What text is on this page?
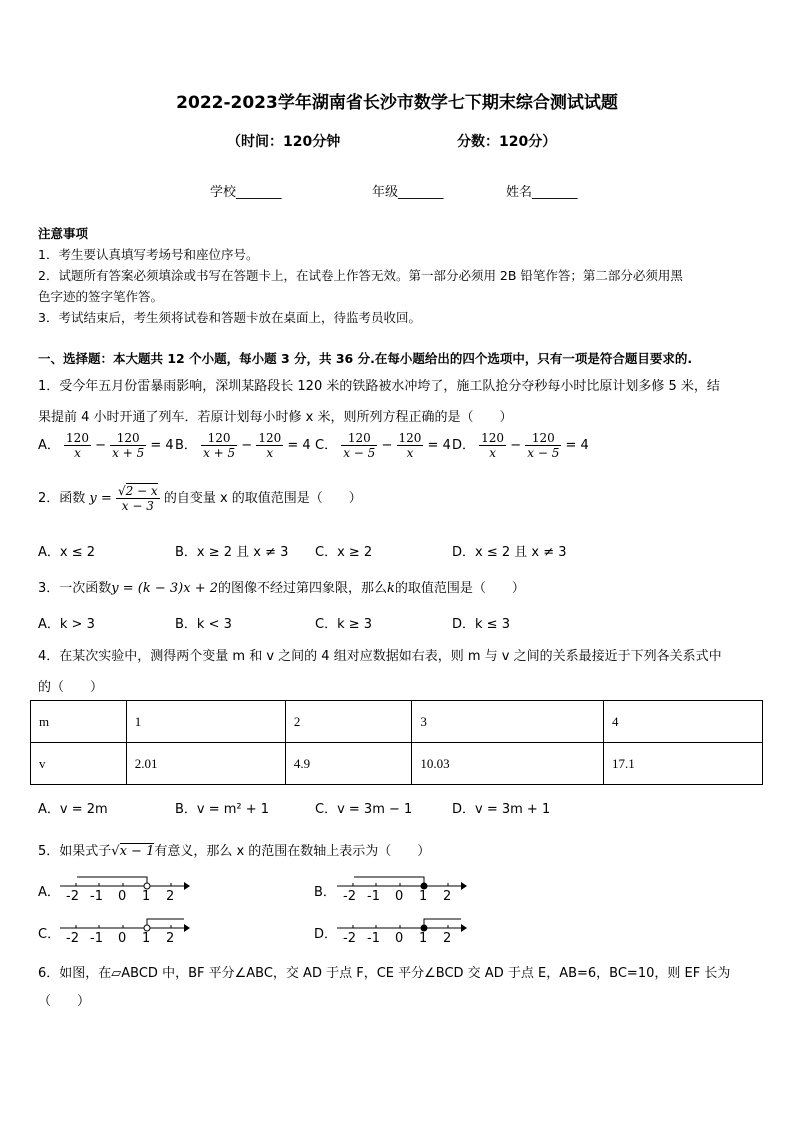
2022-2023学年湖南省长沙市数学七下期末综合测试试题
（时间：120分钟	分数：120分）
学校_______	年级_______	姓名_______
注意事项
1．考生要认真填写考场号和座位序号。
2．试题所有答案必须填涂或书写在答题卡上，在试卷上作答无效。第一部分必须用 2B 铅笔作答；第二部分必须用黑
色字迹的签字笔作答。
3．考试结束后，考生须将试卷和答题卡放在桌面上，待监考员收回。
一、选择题：本大题共 12 个小题，每小题 3 分，共 36 分.在每小题给出的四个选项中，只有一项是符合题目要求的.
1．受今年五月份雷暴雨影响，深圳某路段长 120 米的铁路被水冲垮了，施工队抢分夺秒每小时比原计划多修 5 米，结
果提前 4 小时开通了列车．若原计划每小时修 x 米，则所列方程正确的是（　　）
A． $\frac{120}{x} - \frac{120}{x + 5} = 4$ B． $\frac{120}{x + 5} - \frac{120}{x} = 4$ C． $\frac{120}{x - 5} - \frac{120}{x} = 4$ D． $\frac{120}{x} - \frac{120}{x - 5} = 4$
2．函数 $y = \frac{√2 - x}{x - 3}$ 的自变量 x 的取值范围是（　　）
A．x ≤ 2	B．x ≥ 2 且 x ≠ 3 C．x ≥ 2	D．x ≤ 2 且 x ≠ 3
3．一次函数y = (k − 3)x + 2的图像不经过第四象限，那么k的取值范围是（　　）
A．k > 3	B．k < 3	C．k ≥ 3	D．k ≤ 3
4．在某次实验中，测得两个变量 m 和 v 之间的 4 组对应数据如右表，则 m 与 v 之间的关系最接近于下列各关系式中
的（　　）
m	1	2	3	4
v	2.01	4.9	10.03	17.1
A．v = 2m	B．v = m² + 1	C．v = 3m − 1	D．v = 3m + 1
5．如果式子√x − 1有意义，那么 x 的范围在数轴上表示为（　　）
A．	B．
C．	D．
-2 -1 0 1 2	-2 -1 0 1 2
-2 -1 0 1 2	-2 -1 0 1 2
6．如图，在▱ABCD 中，BF 平分∠ABC，交 AD 于点 F，CE 平分∠BCD 交 AD 于点 E，AB=6，BC=10，则 EF 长为
（　　）
